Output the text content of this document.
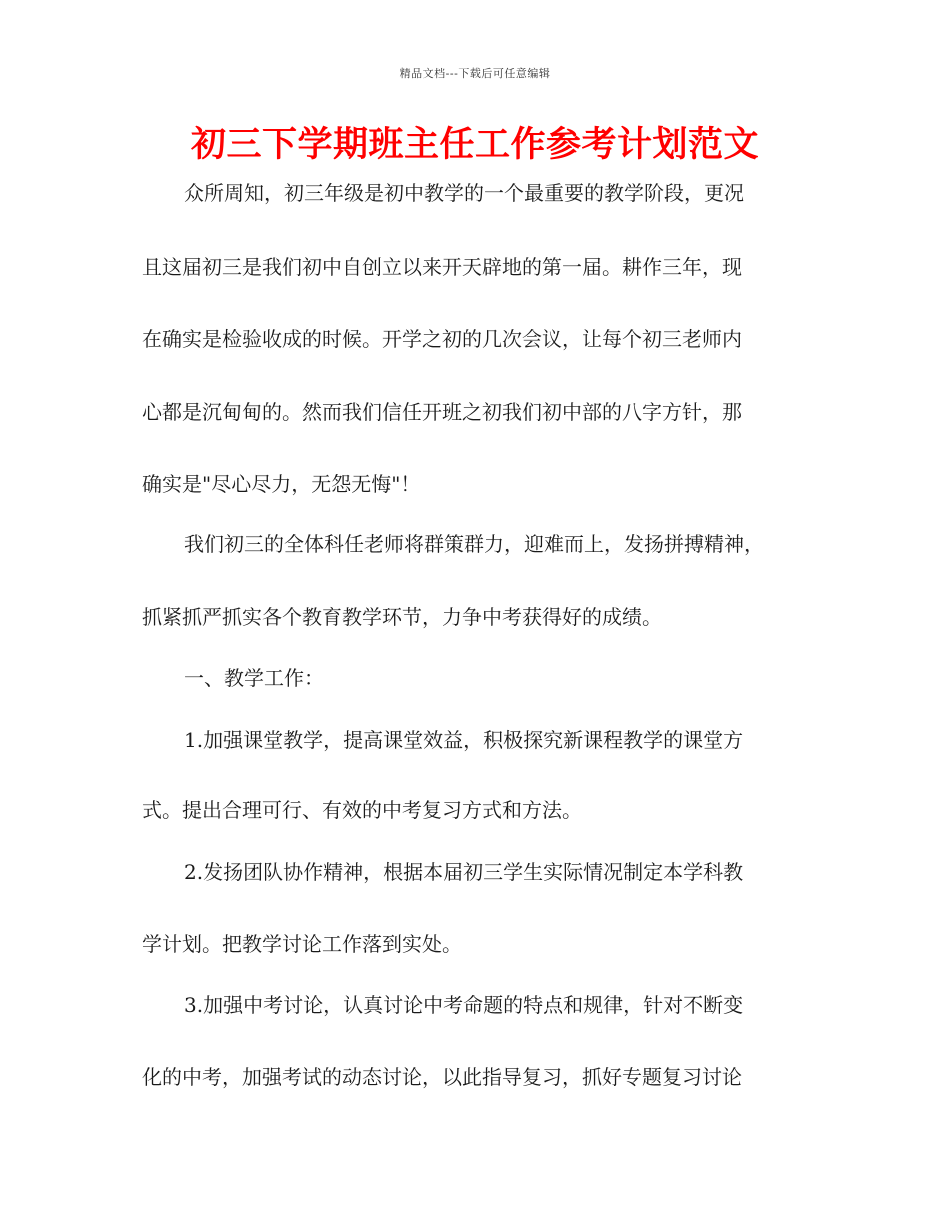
精品文档---下载后可任意编辑
初三下学期班主任工作参考计划范文
众所周知，初三年级是初中教学的一个最重要的教学阶段，更况
且这届初三是我们初中自创立以来开天辟地的第一届。耕作三年，现
在确实是检验收成的时候。开学之初的几次会议，让每个初三老师内
心都是沉甸甸的。然而我们信任开班之初我们初中部的八字方针，那
确实是"尽心尽力，无怨无悔"！
我们初三的全体科任老师将群策群力，迎难而上，发扬拼搏精神，
抓紧抓严抓实各个教育教学环节，力争中考获得好的成绩。
一、教学工作：
1.加强课堂教学，提高课堂效益，积极探究新课程教学的课堂方
式。提出合理可行、有效的中考复习方式和方法。
2.发扬团队协作精神，根据本届初三学生实际情况制定本学科教
学计划。把教学讨论工作落到实处。
3.加强中考讨论，认真讨论中考命题的特点和规律，针对不断变
化的中考，加强考试的动态讨论，以此指导复习，抓好专题复习讨论
